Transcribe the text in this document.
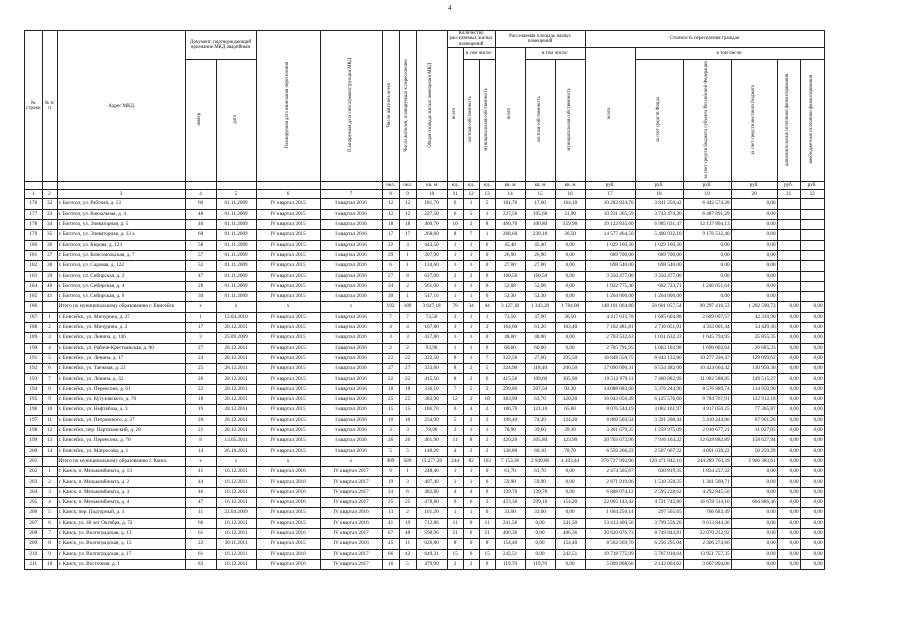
4
№ строки	№ п/п	Адрес МКД	Документ, подтверждающий признание МКД аварийным		Планируемая дата окончания переселения	Планируемая дата сноса/реконструкции МКД	Число жителей, всего	Число жителей, планируемых к переселению	Общая площадь жилых помещений МКД	Количество расселяемых жилых помещений			Расселяемая площадь жилых помещений			Стоимость переселения граждан					
										всего	в том числе:		всего	в том числе:		всего	в том числе:				
			номер	дата							частная собственность	муниципальная собственность		частная собственность	муниципальная собственность		за счет средств Фонда	за счет средств бюджета субъекта Российской Федерации	за счет средств местного бюджета	дополнительные источники финансирования	внебюджетные источники финансирования
							чел.	чел.	кв. м	ед.	ед.	ед.	кв. м	кв. м	кв. м	руб.	руб.	руб.	руб.	руб.	руб.
1	2	3	4	5	6	7	8	9	10	11	12	13	14	15	16	17	18	19	20	21	22
176	32	г. Боготол, ул. Рабочая, д. 13	60	01.11.2009	IV квартал 2015	I квартал 2016	12	12	181,70	6	1	5	181,70	17,60	164,10	10 283 824,70	3 841 250,42	6 442 574,28	0,00		
177	33	г. Боготол, ул. Вокзальная, д. 4	48	01.11.2009	IV квартал 2015	I квартал 2016	12	12	227,50	6	5	1	227,50	195,60	31,90	10 231 365,59	3 743 474,30	6 487 891,29	0,00		
178	34	г. Боготол, ул. Элеваторная, д. 5	40	01.11.2009	IV квартал 2015	I квартал 2016	18	18	460,70	10	2	8	460,70	100,80	359,90	19 122 835,60	6 985 031,47	12 137 804,13	0,00		
179	35	г. Боготол, ул. Элеваторная, д. 13 а	60	01.11.2009	IV квартал 2015	I квартал 2016	17	17	268,60	8	7	1	268,60	238,10	30,50	14 577 464,50	5 400 932,10	9 176 532,40	0,00		
180	36	г. Боготол, ул. Кирова, д. 123	58	01.11.2009	IV квартал 2015	I квартал 2016	22	3	443,50	1	1	0	45,40	45,40	0,00	1 029 160,30	1 029 160,30	0,00	0,00		
181	37	г. Боготол, ул. Комсомольская, д. 7	57	01.11.2009	IV квартал 2015	I квартал 2016	29	1	307,90	1	1	0	26,90	26,90	0,00	689 700,00	689 700,00	0,00	0,00		
182	38	г. Боготол, ул. Садовая, д. 122	52	01.11.2009	IV квартал 2015	I квартал 2016	6	1	134,60	1	1	0	27,00	27,00	0,00	698 540,00	698 540,00	0,00	0,00		
183	39	г. Боготол, ул. Сибирская, д. 2	47	01.11.2009	IV квартал 2015	I квартал 2016	27	8	627,00	2	2	0	160,50	160,50	0,00	3 350 477,00	3 350 477,00	0,00	0,00		
184	40	г. Боготол, ул. Сибирская, д. 4	28	01.11.2009	IV квартал 2015	I квартал 2016	24	2	561,00	1	1	0	52,08	52,08	0,00	1 922 775,46	682 723,71	1 240 051,64	0,00		
185	41	г. Боготол, ул. Сибирская, д. 6	30	01.11.2009	IV квартал 2015	I квартал 2016	20	1	547,10	1	1	0	52,30	52,30	0,00	1 264 000,00	1 264 000,00	0,00	0,00		
186		Итого по муниципальному образованию г. Енисейск	x	x	x	x	192	189	3 647,18	78	34	44	3 127,30	1 343,20	1 784,00	148 101 064,80	56 601 057,54	90 297 416,53	1 202 590,73	0,00	0,00
187	1	г. Енисейск, ул. Мичурина, д. 27	1	12.04.2010	IV квартал 2015	I квартал 2016	7	7	73,50	3	1	1	73,50	37,90	36,50	4 417 013,78	1 685 604,88	2 689 097,57	42 310,90	0,00	0,00
188	2	г. Енисейск, ул. Мичурина, д. 2	17	28.12.2011	IV квартал 2015	I квартал 2016	4	4	167,80	3	1	2	164,60	61,20	103,40	7 102 481,81	2 716 051,01	4 333 001,44	54 429,36	0,00	0,00
189	3	г. Енисейск, ул. Ленина, д. 146	3	25.09.2009	IV квартал 2015	I квартал 2016	3	3	417,80	1	1	0	48,00	48,00	0,00	2 703 522,63	1 031 632,33	1 645 794,95	25 855,35	0,00	0,00
190	4	г. Енисейск, ул. Рабоче-Крестьянская, д. 90	27	28.12.2011	IV квартал 2015	I квартал 2016	2	2	93,90	1	1	0	60,00	60,00	0,00	2 785 791,95	1 063 103,98	1 696 002,64	26 685,33	0,00	0,00
191	5	г. Енисейск, ул. Ленина, д. 17	24	28.12.2011	IV квартал 2015	I квартал 2016	22	22	322,50	8	1	7	322,50	27,00	295,50	16 848 558,75	6 443 132,86	10 277 336,47	129 099,62	0,00	0,00
192	6	г. Енисейск, ул. Таежная, д. 23	25	28.12.2011	IV квартал 2015	I квартал 2016	27	27	333,60	8	2	5	324,90	118,40	206,50	17 090 096,31	6 534 482,00	10 424 664,42	130 950,30	0,00	0,00
193	7	г. Енисейск, ул. Ленина, д. 32	26	28.12.2011	IV квартал 2015	I квартал 2016	22	22	415,50	8	2	6	415,50	109,60	305,90	19 512 979,11	7 460 882,99	11 902 588,85	149 515,27	0,00	0,00
194	8	г. Енисейск, ул. Перенсона, д. 61	22	28.12.2011	IV квартал 2015	I квартал 2016	18	18	336,10	7	5	2	299,80	207,50	92,30	14 088 083,60	5 376 244,96	8 576 889,74	134 950,90	0,00	0,00
195	9	г. Енисейск, ул. Кутузовского, д. 70	18	28.12.2011	IV квартал 2015	I квартал 2016	25	25	383,90	12	2	10	383,90	63,70	320,20	16 043 056,49	6 125 576,60	9 784 767,91	122 912,18	0,00	0,00
196	10	г. Енисейск, ул. Нефтебаза, д. 3	19	28.12.2011	IV квартал 2015	I квартал 2016	15	15	186,70	6	4	2	186,70	121,10	65,60	8 076 544,19	3 082 161,97	4 917 056,25	77 365,87	0,00	0,00
197	11	г. Енисейск, ул. Петровского, д. 27	20	28.12.2011	IV квартал 2015	I квартал 2016	10	10	234,90	5	2	3	198,40	74,20	124,20	8 869 504,54	3 391 208,44	5 410 244,86	67 961,26	0,00	0,00
198	12	г. Енисейск, пер. Партизанский, д. 28	21	28.12.2011	IV квартал 2015	I квартал 2016	3	3	78,90	2	1	1	78,90	39,60	39,30	3 301 679,35	1 259 975,09	2 010 677,21	31 027,05	0,00	0,00
199	13	г. Енисейск, ул. Перенсона, д. 70	8	13.05.2011	IV квартал 2015	I квартал 2016	26	26	461,90	11	8	3	420,20	305,80	123,90	20 703 673,96	7 916 163,22	12 628 882,89	158 627,94	0,00	0,00
200	14	г. Енисейск, ул. Матросова, д. 1	14	26.10.2011	IV квартал 2015	I квартал 2016	5	5	140,28	4	2	2	138,80	60,10	78,70	6 559 266,23	2 507 667,32	4 001 039,22	50 259,39	0,00	0,00
201		Итого по муниципальному образованию г. Канск	x	x	x	x	989	589	15 277,28	244	82	162	7 153,36	2 949,86	4 203,44	376 727 992,06	129 471 842,16	244 289 763,39	2 966 383,61	0,00	0,00
202	1	г. Канск, п. Мелькомбината, д. 13	41	16.12.2011	IV квартал 2016	IV квартал 2017	9	1	248,40	1	1	0	61,70	61,70	0,00	2 474 505,67	630 819,35	1 834 237,32	0,00	0,00	0,00
203	2	г. Канск, п. Мелькомбината, д. 2	44	16.12.2011	IV квартал 2016	IV квартал 2017	19	3	407,40	1	1	0	59,90	59,90	0,00	2 871 919,06	1 510 358,35	1 361 560,71	0,00	0,00	0,00
204	3	г. Канск, п. Мелькомбината, д. 3	46	16.12.2011	IV квартал 2016	IV квартал 2017	24	6	482,80	4	4	0	139,70	139,70	0,00	6 888 074,12	2 595 228,62	4 292 845,50	0,00	0,00	0,00
205	4	г. Канск, п. Мелькомбината, д. 4	47	16.12.2011	IV квартал 2016	IV квартал 2017	25	25	478,80	9	6	3	453,30	299,10	154,20	22 005 143,42	4 721 742,86	16 678 514,10	604 886,46	0,00	0,00
206	5	г. Канск, пер. Подгорный, д. 1	11	22.04.2009	IV квартал 2015	IV квартал 2016	13	2	161,20	1	1	0	33,00	33,00	0,00	1 004 250,14	297 565,65	706 683,49	0,00	0,00	0,00
207	6	г. Канск, ул. 40 лет Октября, д. 72	66	16.12.2011	IV квартал 2015	IV квартал 2016	41	19	712,86	11	0	11	241,50	0,00	241,50	13 413 400,56	3 799 556,20	9 613 844,36	0,00	0,00	0,00
208	7	г. Канск, ул. Волгоградская, д. 13	61	16.12.2011	IV квартал 2016	IV квартал 2017	67	48	598,96	21	0	21	406,36	0,00	406,36	30 820 076,73	8 749 843,81	22 070 232,92	0,00	0,00	0,00
209	8	г. Канск, ул. Волгоградская, д. 15	22	30.11.2011	IV квартал 2015	IV квартал 2016	45	11	626,80	8	0	8	154,40	0,00	154,40	8 562 569,70	6 256 295,04	2 306 274,66	0,00	0,00	0,00
210	9	г. Канск, ул. Волгоградская, д. 17	61	16.12.2011	IV квартал 2016	IV квартал 2017	66	42	649,31	15	0	15	242,51	0,00	242,51	19 718 775,99	5 767 018,64	13 951 757,35	0,00	0,00	0,00
211	10	г. Канск, ул. Восточная, д. 1	83	16.12.2011	IV квартал 2016	IV квартал 2017	16	5	479,90	2	2	0	119,70	119,70	0,00	5 809 808,66	2 142 004,62	3 667 804,06	0,00	0,00	0,00
